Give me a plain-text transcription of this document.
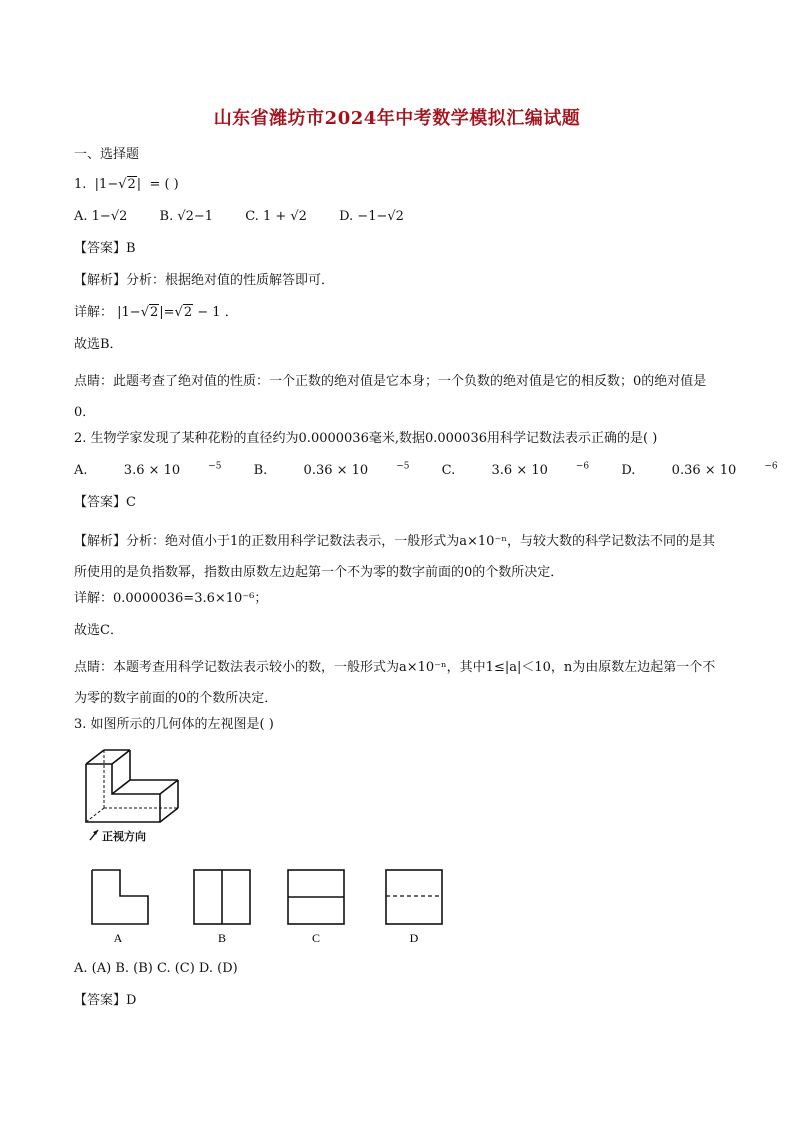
山东省潍坊市2024年中考数学模拟汇编试题
一、选择题
1.  |1−√2|  = ( )
A. 1−√2 B. √2−1 C. 1 + √2 D. −1−√2
【答案】B
【解析】分析：根据绝对值的性质解答即可．
详解： |1−√2|=√2 − 1 ．
故选B．
点睛：此题考查了绝对值的性质：一个正数的绝对值是它本身；一个负数的绝对值是它的相反数；0的绝对值是0．
2. 生物学家发现了某种花粉的直径约为0.0000036毫米,数据0.000036用科学记数法表示正确的是( )
A.	3.6 × 10	$^{-5}$ B.	0.36 × 10	$^{-5}$ C.	3.6 × 10	$^{-6}$ D.	0.36 × 10	$^{-6}$
【答案】C
【解析】分析：绝对值小于1的正数用科学记数法表示，一般形式为a×10⁻ⁿ，与较大数的科学记数法不同的是其所使用的是负指数幂，指数由原数左边起第一个不为零的数字前面的0的个数所决定．
详解：0.0000036=3.6×10⁻⁶；
故选C．
点睛：本题考查用科学记数法表示较小的数，一般形式为a×10⁻ⁿ，其中1≤|a|＜10，n为由原数左边起第一个不为零的数字前面的0的个数所决定．
3. 如图所示的几何体的左视图是( )
正视方向
A	B	C	D
A. (A) B. (B) C. (C) D. (D)
【答案】D
